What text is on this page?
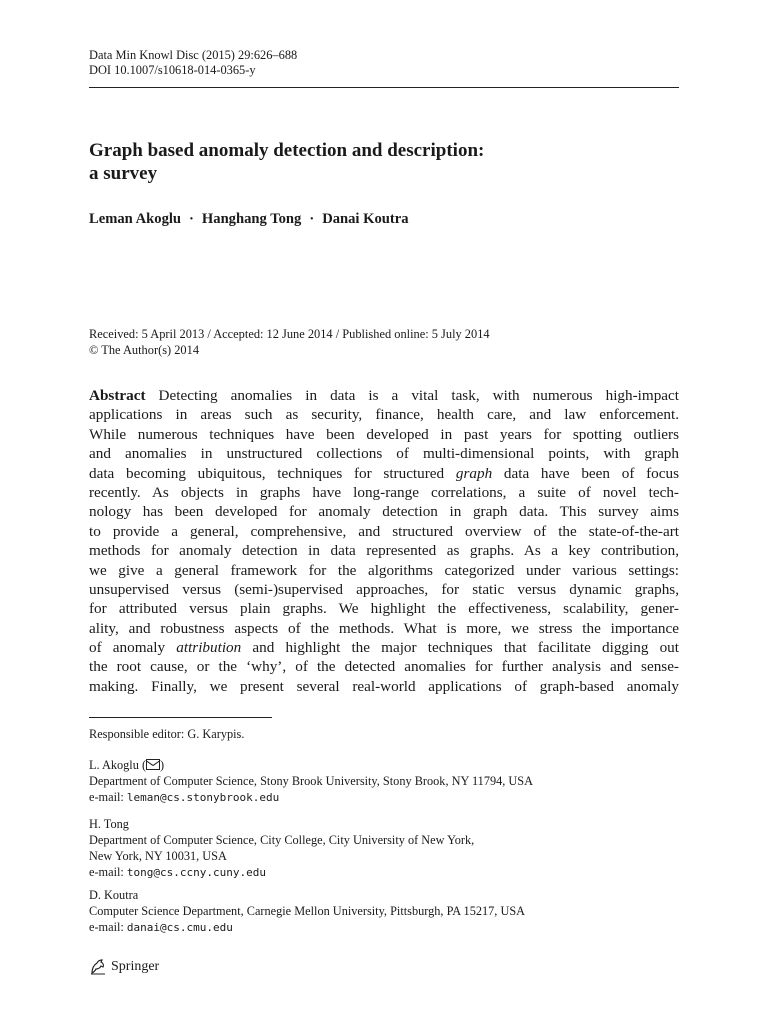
Data Min Knowl Disc (2015) 29:626–688
DOI 10.1007/s10618-014-0365-y
Graph based anomaly detection and description:
a survey
Leman Akoglu · Hanghang Tong · Danai Koutra
Received: 5 April 2013 / Accepted: 12 June 2014 / Published online: 5 July 2014
© The Author(s) 2014
Abstract Detecting anomalies in data is a vital task, with numerous high-impact
applications in areas such as security, finance, health care, and law enforcement.
While numerous techniques have been developed in past years for spotting outliers
and anomalies in unstructured collections of multi-dimensional points, with graph
data becoming ubiquitous, techniques for structured graph data have been of focus
recently. As objects in graphs have long-range correlations, a suite of novel tech-
nology has been developed for anomaly detection in graph data. This survey aims
to provide a general, comprehensive, and structured overview of the state-of-the-art
methods for anomaly detection in data represented as graphs. As a key contribution,
we give a general framework for the algorithms categorized under various settings:
unsupervised versus (semi-)supervised approaches, for static versus dynamic graphs,
for attributed versus plain graphs. We highlight the effectiveness, scalability, gener-
ality, and robustness aspects of the methods. What is more, we stress the importance
of anomaly attribution and highlight the major techniques that facilitate digging out
the root cause, or the ‘why’, of the detected anomalies for further analysis and sense-
making. Finally, we present several real-world applications of graph-based anomaly
Responsible editor: G. Karypis.
L. Akoglu ( )
Department of Computer Science, Stony Brook University, Stony Brook, NY 11794, USA
e-mail: leman@cs.stonybrook.edu
H. Tong
Department of Computer Science, City College, City University of New York,
New York, NY 10031, USA
e-mail: tong@cs.ccny.cuny.edu
D. Koutra
Computer Science Department, Carnegie Mellon University, Pittsburgh, PA 15217, USA
e-mail: danai@cs.cmu.edu
Springer
